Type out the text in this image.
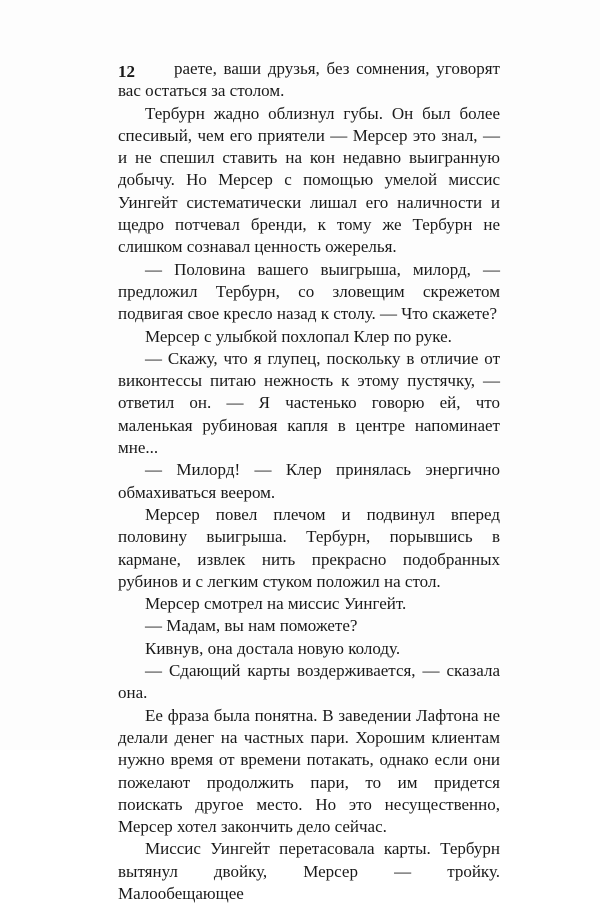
12	раете, ваши друзья, без сомнения, уговорят вас остаться за столом.

Тербурн жадно облизнул губы. Он был более спесивый, чем его приятели — Мерсер это знал, — и не спешил ставить на кон недавно выигранную добычу. Но Мерсер с помощью умелой миссис Уингейт систематически лишал его наличности и щедро потчевал бренди, к тому же Тербурн не слишком сознавал ценность ожерелья.

— Половина вашего выигрыша, милорд, — предложил Тербурн, со зловещим скрежетом подвигая свое кресло назад к столу. — Что скажете?

Мерсер с улыбкой похлопал Клер по руке.

— Скажу, что я глупец, поскольку в отличие от виконтессы питаю нежность к этому пустячку, — ответил он. — Я частенько говорю ей, что маленькая рубиновая капля в центре напоминает мне...

— Милорд! — Клер принялась энергично обмахиваться веером.

Мерсер повел плечом и подвинул вперед половину выигрыша. Тербурн, порывшись в кармане, извлек нить прекрасно подобранных рубинов и с легким стуком положил на стол.

Мерсер смотрел на миссис Уингейт.

— Мадам, вы нам поможете?

Кивнув, она достала новую колоду.

— Сдающий карты воздерживается, — сказала она.

Ее фраза была понятна. В заведении Лафтона не делали денег на частных пари. Хорошим клиентам нужно время от времени потакать, однако если они пожелают продолжить пари, то им придется поискать другое место. Но это несущественно, Мерсер хотел закончить дело сейчас.

Миссис Уингейт перетасовала карты. Тербурн вытянул двойку, Мерсер — тройку. Малообещающее
